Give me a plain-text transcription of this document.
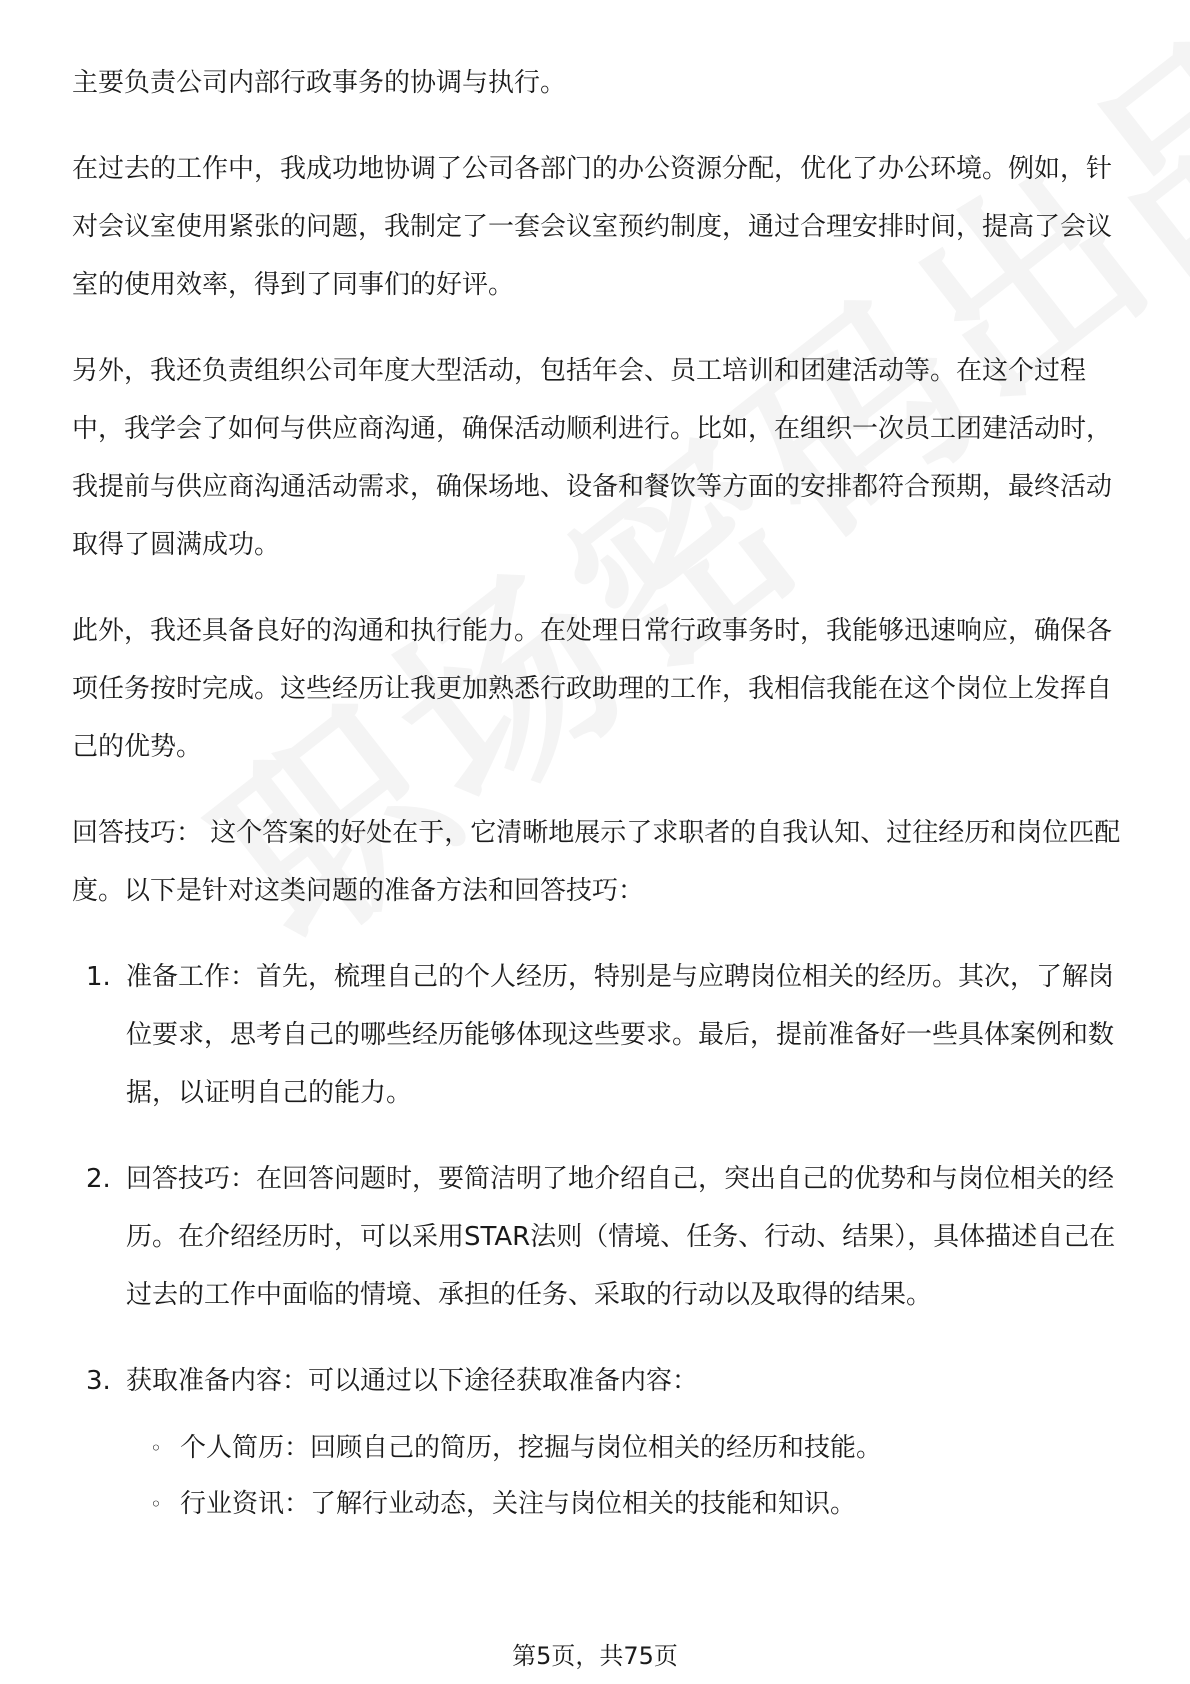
主要负责公司内部行政事务的协调与执行。

在过去的工作中，我成功地协调了公司各部门的办公资源分配，优化了办公环境。例如，针对会议室使用紧张的问题，我制定了一套会议室预约制度，通过合理安排时间，提高了会议室的使用效率，得到了同事们的好评。

另外，我还负责组织公司年度大型活动，包括年会、员工培训和团建活动等。在这个过程中，我学会了如何与供应商沟通，确保活动顺利进行。比如，在组织一次员工团建活动时，我提前与供应商沟通活动需求，确保场地、设备和餐饮等方面的安排都符合预期，最终活动取得了圆满成功。

此外，我还具备良好的沟通和执行能力。在处理日常行政事务时，我能够迅速响应，确保各项任务按时完成。这些经历让我更加熟悉行政助理的工作，我相信我能在这个岗位上发挥自己的优势。

回答技巧： 这个答案的好处在于，它清晰地展示了求职者的自我认知、过往经历和岗位匹配度。以下是针对这类问题的准备方法和回答技巧：

1. 准备工作：首先，梳理自己的个人经历，特别是与应聘岗位相关的经历。其次，了解岗位要求，思考自己的哪些经历能够体现这些要求。最后，提前准备好一些具体案例和数据，以证明自己的能力。
2. 回答技巧：在回答问题时，要简洁明了地介绍自己，突出自己的优势和与岗位相关的经历。在介绍经历时，可以采用STAR法则（情境、任务、行动、结果），具体描述自己在过去的工作中面临的情境、承担的任务、采取的行动以及取得的结果。
3. 获取准备内容：可以通过以下途径获取准备内容：
◦ 个人简历：回顾自己的简历，挖掘与岗位相关的经历和技能。
◦ 行业资讯：了解行业动态，关注与岗位相关的技能和知识。
第5页，共75页
